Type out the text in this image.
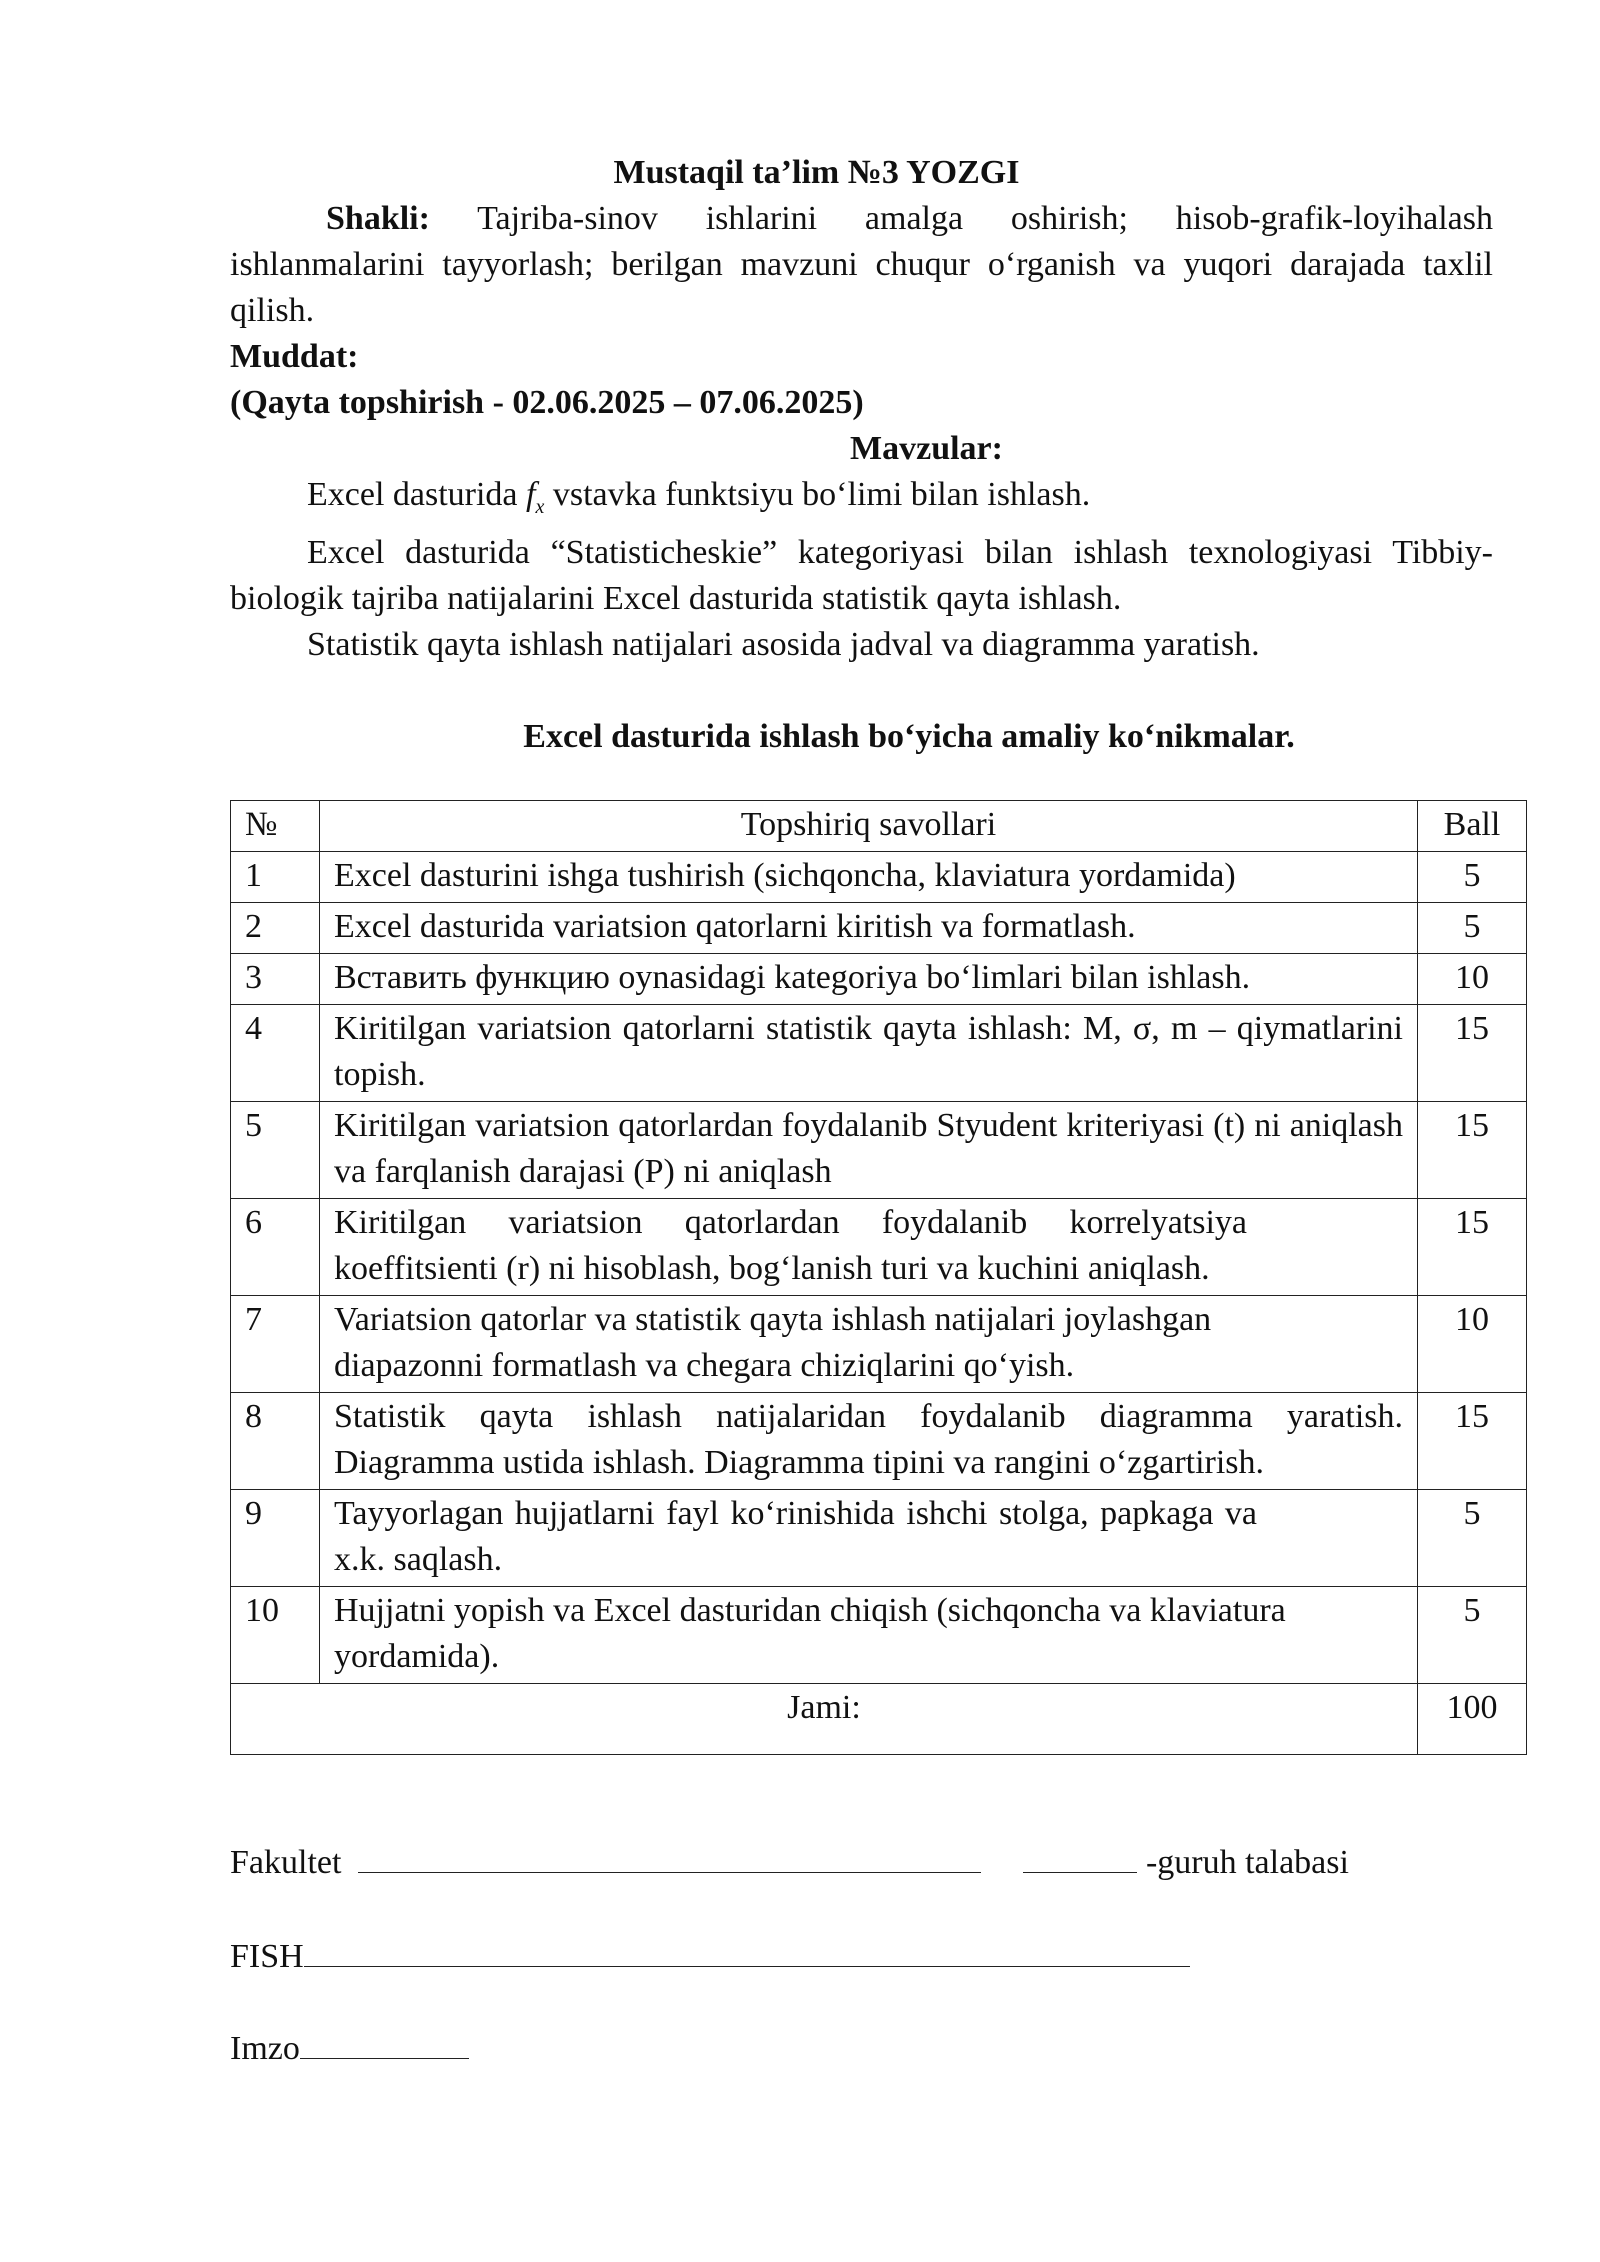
Mustaqil ta’lim №3 YOZGI
Shakli: Tajriba-sinov ishlarini amalga oshirish; hisob-grafik-loyihalash ishlanmalarini tayyorlash; berilgan mavzuni chuqur o‘rganish va yuqori darajada taxlil qilish.
Muddat:
(Qayta topshirish - 02.06.2025 – 07.06.2025)
Mavzular:
Excel dasturida $f_x$ vstavka funktsiyu bo‘limi bilan ishlash.
Excel dasturida “Statisticheskie” kategoriyasi bilan ishlash texnologiyasi Tibbiy-biologik tajriba natijalarini Excel dasturida statistik qayta ishlash.
Statistik qayta ishlash natijalari asosida jadval va diagramma yaratish.
Excel dasturida ishlash bo‘yicha amaliy ko‘nikmalar.
№	Topshiriq savollari	Ball
1	Excel dasturini ishga tushirish (sichqoncha, klaviatura yordamida)	5
2	Excel dasturida variatsion qatorlarni kiritish va formatlash.	5
3	Вставить функцию оynasidagi kategoriya bo‘limlari bilan ishlash.	10
4	Kiritilgan variatsion qatorlarni statistik qayta ishlash: M, σ, m – qiymatlarini topish.	15
5	Kiritilgan variatsion qatorlardan foydalanib Styudent kriteriyasi (t) ni aniqlash va farqlanish darajasi (P) ni aniqlash	15
6	Kiritilgan variatsion qatorlardan foydalanib korrelyatsiya koeffitsienti (r) ni hisoblash, bog‘lanish turi va kuchini aniqlash.	15
7	Variatsion qatorlar va statistik qayta ishlash natijalari joylashgan diapazonni formatlash va chegara chiziqlarini qo‘yish.	10
8	Statistik qayta ishlash natijalaridan foydalanib diagramma yaratish. Diagramma ustida ishlash. Diagramma tipini va rangini o‘zgartirish.	15
9	Tayyorlagan hujjatlarni fayl ko‘rinishida ishchi stolga, papkaga va x.k. saqlash.	5
10	Hujjatni yopish va Excel dasturidan chiqish (sichqoncha va klaviatura yordamida).	5
Jami:		100
Fakultet	-guruh talabasi
FISH
Imzo
